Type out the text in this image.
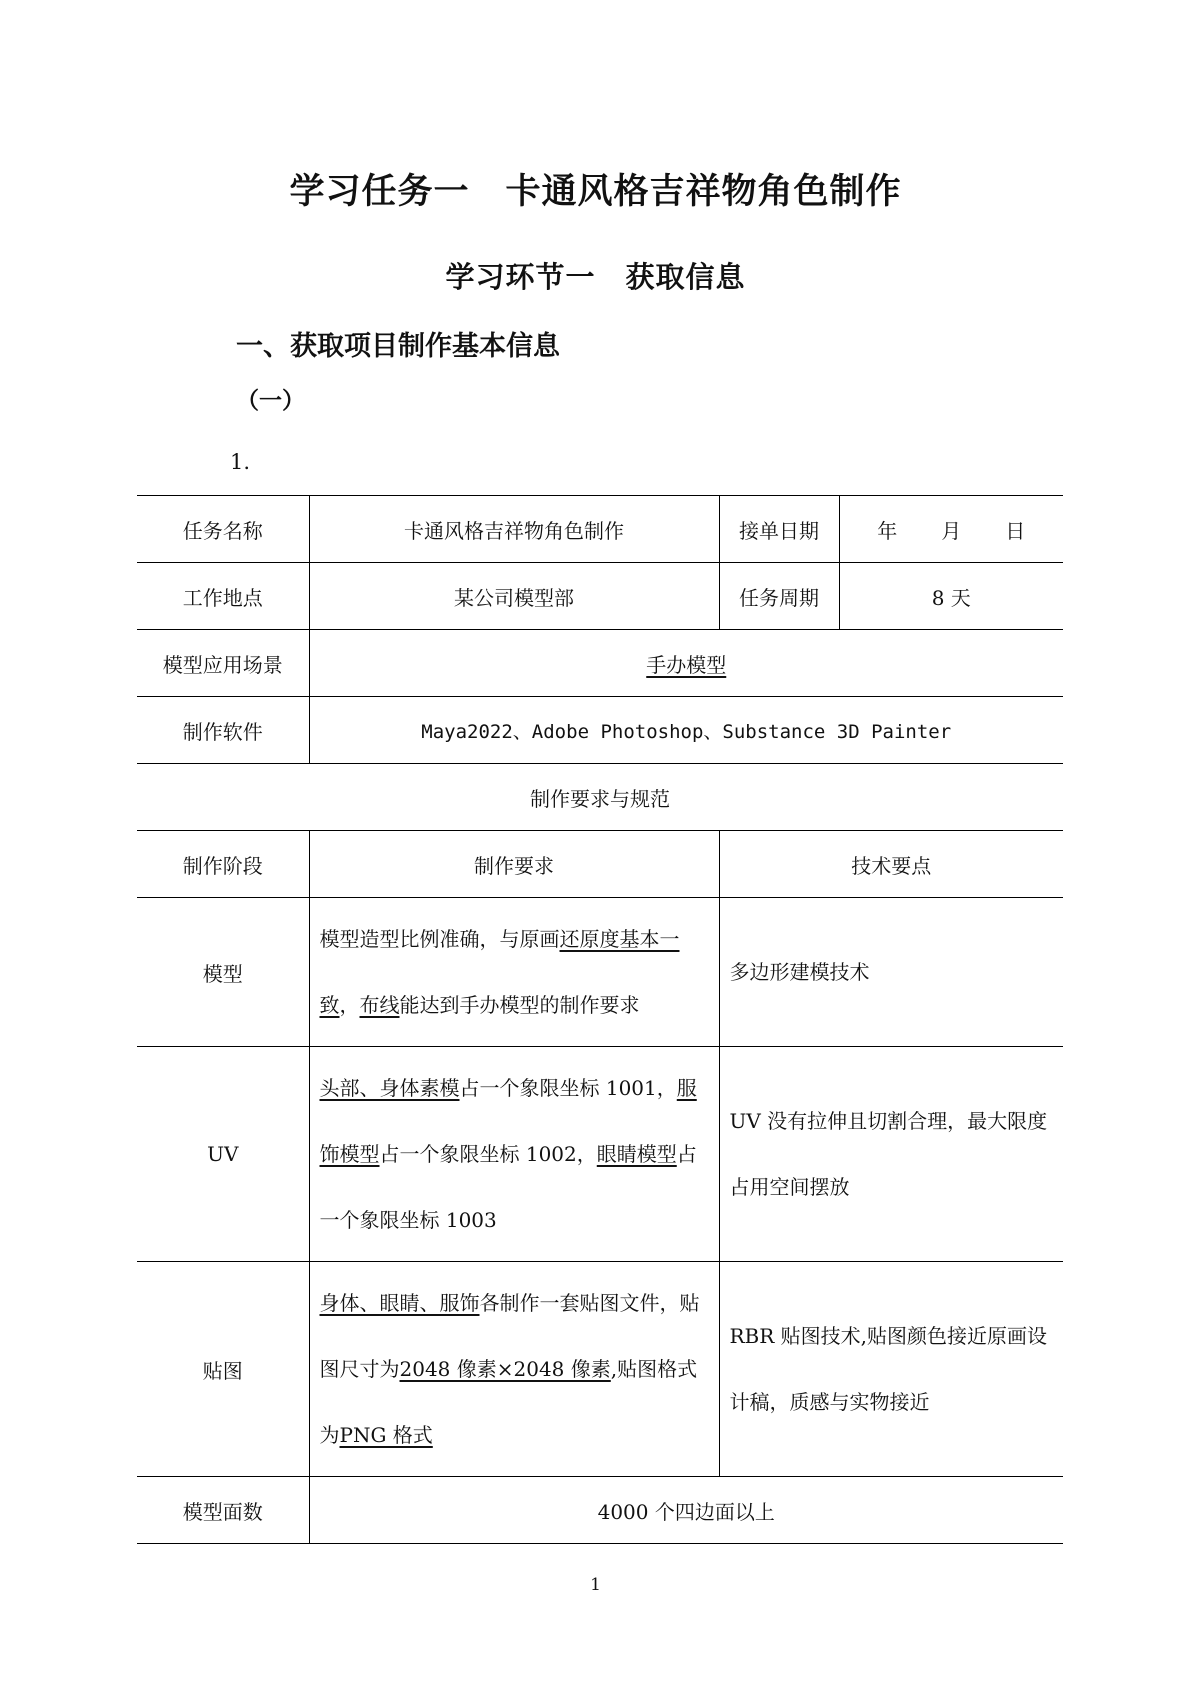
学习任务一　卡通风格吉祥物角色制作
学习环节一　获取信息
一、获取项目制作基本信息
（一）
1.
任务名称	卡通风格吉祥物角色制作	接单日期	年 月 日
工作地点	某公司模型部	任务周期	8 天
模型应用场景	手办模型		
制作软件	Maya2022、Adobe Photoshop、Substance 3D Painter		
制作要求与规范			
制作阶段	制作要求	技术要点	
模型	模型造型比例准确，与原画还原度基本一致，布线能达到手办模型的制作要求	多边形建模技术	
UV	头部、身体素模占一个象限坐标 1001，服饰模型占一个象限坐标 1002，眼睛模型占一个象限坐标 1003	UV 没有拉伸且切割合理，最大限度占用空间摆放	
贴图	身体、眼睛、服饰各制作一套贴图文件，贴图尺寸为2048 像素×2048 像素,贴图格式为PNG 格式	RBR 贴图技术,贴图颜色接近原画设计稿，质感与实物接近	
模型面数	4000 个四边面以上		
1
